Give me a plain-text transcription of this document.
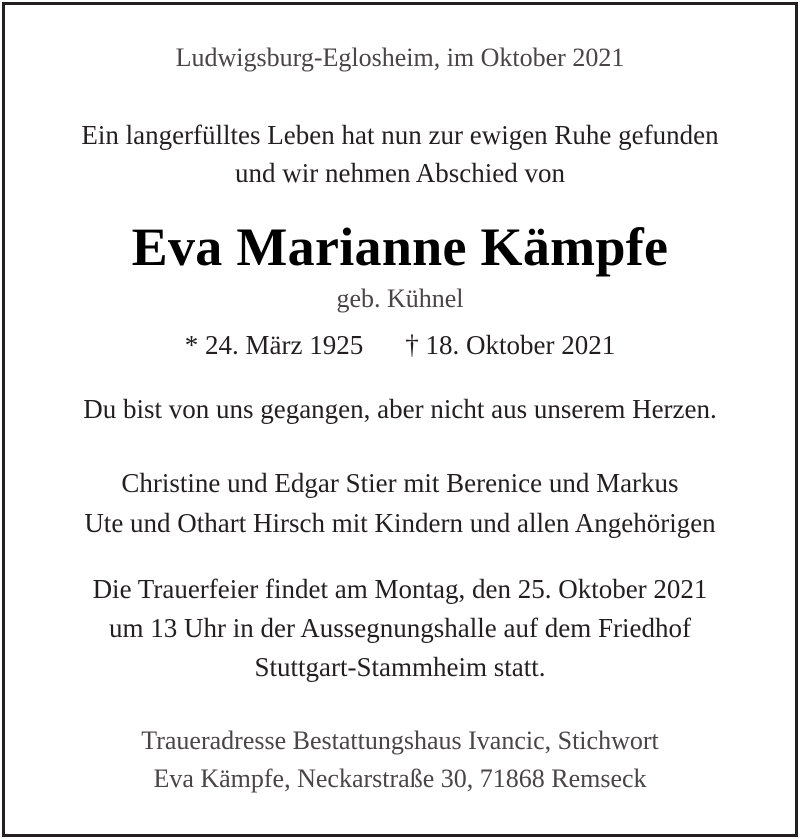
Ludwigsburg-Eglosheim, im Oktober 2021
Ein langerfülltes Leben hat nun zur ewigen Ruhe gefunden
und wir nehmen Abschied von
Eva Marianne Kämpfe
geb. Kühnel
* 24. März 1925 † 18. Oktober 2021
Du bist von uns gegangen, aber nicht aus unserem Herzen.
Christine und Edgar Stier mit Berenice und Markus
Ute und Othart Hirsch mit Kindern und allen Angehörigen
Die Trauerfeier findet am Montag, den 25. Oktober 2021
um 13 Uhr in der Aussegnungshalle auf dem Friedhof
Stuttgart-Stammheim statt.
Traueradresse Bestattungshaus Ivancic, Stichwort
Eva Kämpfe, Neckarstraße 30, 71868 Remseck
